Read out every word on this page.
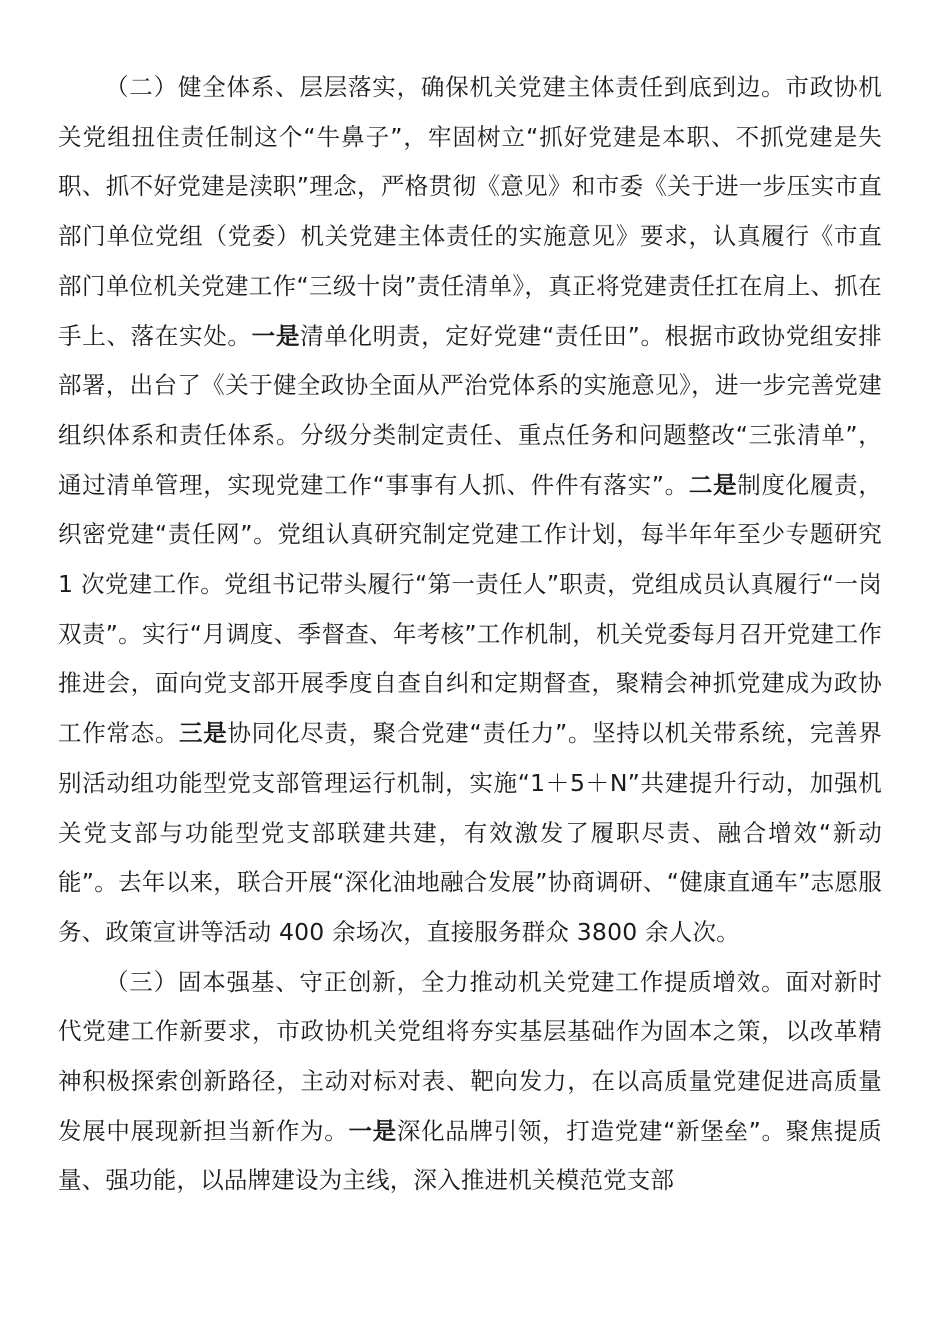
（二）健全体系、层层落实，确保机关党建主体责任到底到边。市政协机关党组扭住责任制这个“牛鼻子”，牢固树立“抓好党建是本职、不抓党建是失职、抓不好党建是渎职”理念，严格贯彻《意见》和市委《关于进一步压实市直部门单位党组（党委）机关党建主体责任的实施意见》要求，认真履行《市直部门单位机关党建工作“三级十岗”责任清单》，真正将党建责任扛在肩上、抓在手上、落在实处。一是清单化明责，定好党建“责任田”。根据市政协党组安排部署，出台了《关于健全政协全面从严治党体系的实施意见》，进一步完善党建组织体系和责任体系。分级分类制定责任、重点任务和问题整改“三张清单”，通过清单管理，实现党建工作“事事有人抓、件件有落实”。二是制度化履责，织密党建“责任网”。党组认真研究制定党建工作计划，每半年年至少专题研究 1 次党建工作。党组书记带头履行“第一责任人”职责，党组成员认真履行“一岗双责”。实行“月调度、季督查、年考核”工作机制，机关党委每月召开党建工作推进会，面向党支部开展季度自查自纠和定期督查，聚精会神抓党建成为政协工作常态。三是协同化尽责，聚合党建“责任力”。坚持以机关带系统，完善界别活动组功能型党支部管理运行机制，实施“1＋5＋N”共建提升行动，加强机关党支部与功能型党支部联建共建，有效激发了履职尽责、融合增效“新动能”。去年以来，联合开展“深化油地融合发展”协商调研、“健康直通车”志愿服务、政策宣讲等活动 400 余场次，直接服务群众 3800 余人次。

（三）固本强基、守正创新，全力推动机关党建工作提质增效。面对新时代党建工作新要求，市政协机关党组将夯实基层基础作为固本之策，以改革精神积极探索创新路径，主动对标对表、靶向发力，在以高质量党建促进高质量发展中展现新担当新作为。一是深化品牌引领，打造党建“新堡垒”。聚焦提质量、强功能，以品牌建设为主线，深入推进机关模范党支部
